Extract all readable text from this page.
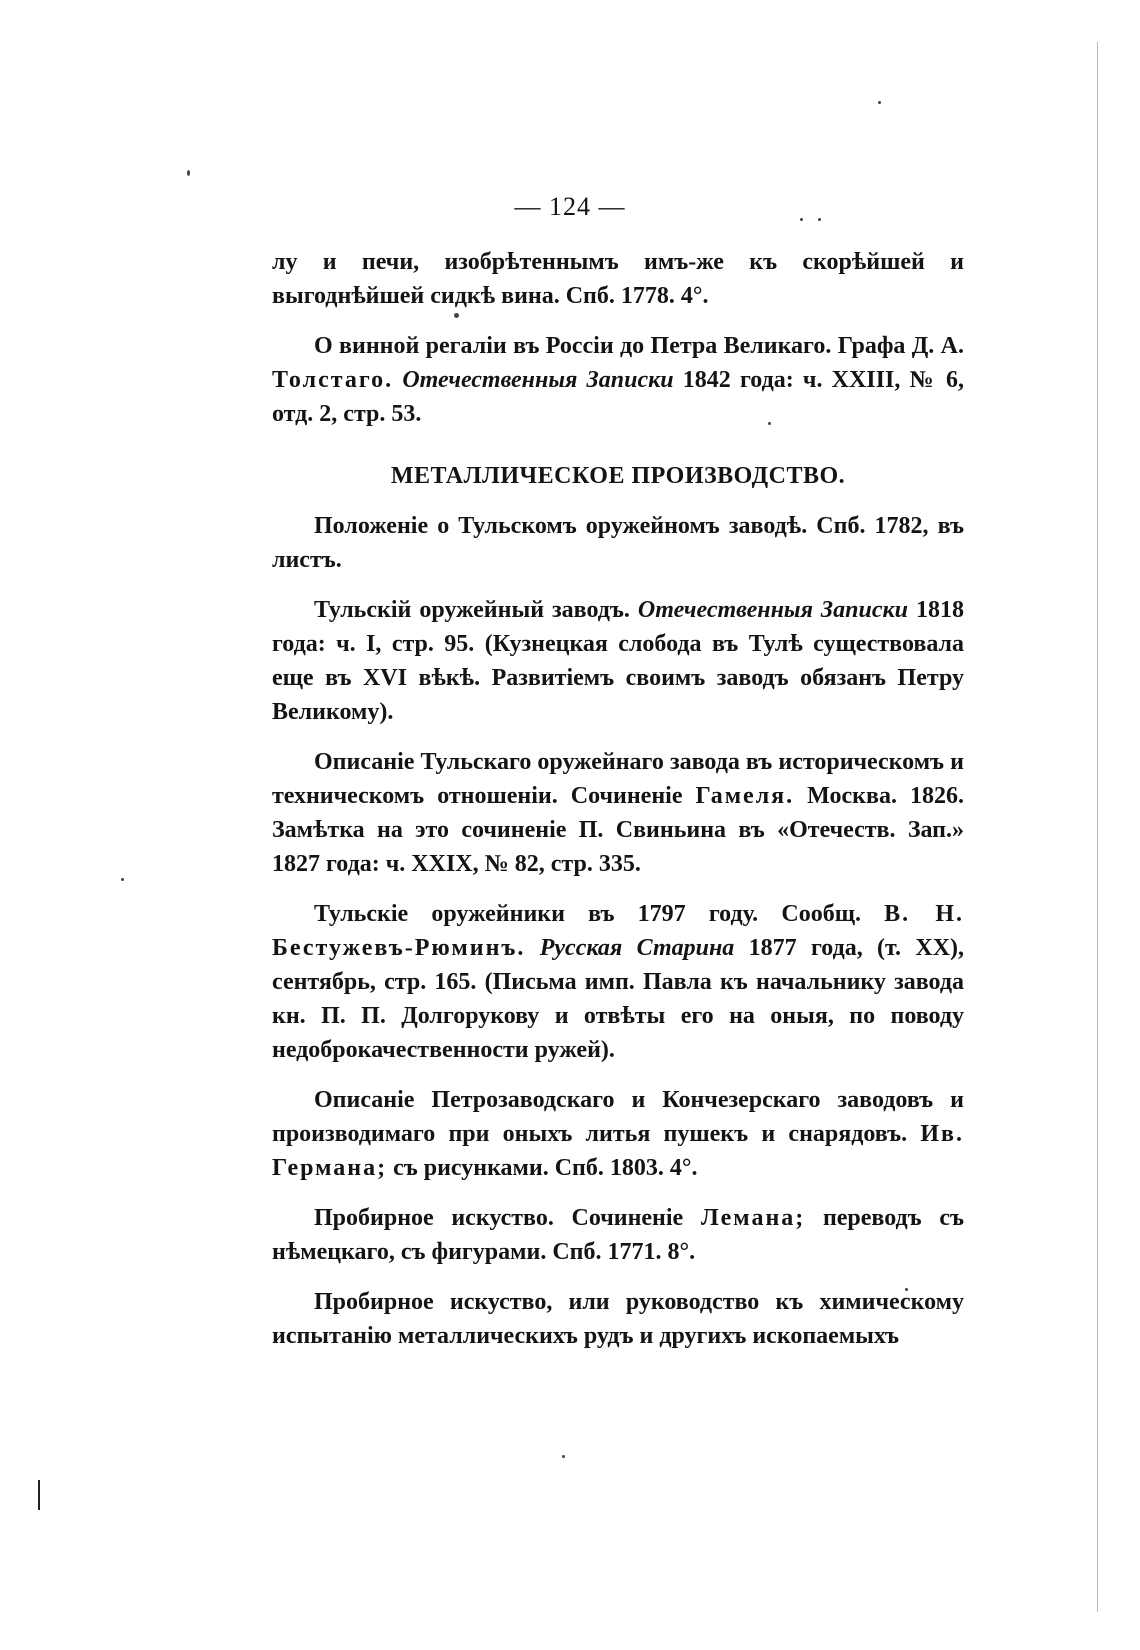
— 124 —

лу и печи, изобрѣтеннымъ имъ-же къ скорѣйшей и выгоднѣйшей сидкѣ вина. Спб. 1778. 4°.

О винной регаліи въ Россіи до Петра Великаго. Графа Д. А. Толстаго. Отечественныя Записки 1842 года: ч. XXIII, № 6, отд. 2, стр. 53.

МЕТАЛЛИЧЕСКОЕ ПРОИЗВОДСТВО.

Положеніе о Тульскомъ оружейномъ заводѣ. Спб. 1782, въ листъ.

Тульскій оружейный заводъ. Отечественныя Записки 1818 года: ч. I, стр. 95. (Кузнецкая слобода въ Тулѣ существовала еще въ XVI вѣкѣ. Развитіемъ своимъ заводъ обязанъ Петру Великому).

Описаніе Тульскаго оружейнаго завода въ историческомъ и техническомъ отношеніи. Сочиненіе Гамеля. Москва. 1826. Замѣтка на это сочиненіе П. Свиньина въ «Отечеств. Зап.» 1827 года: ч. XXIX, № 82, стр. 335.

Тульскіе оружейники въ 1797 году. Сообщ. В. Н. Бестужевъ-Рюминъ. Русская Старина 1877 года, (т. XX), сентябрь, стр. 165. (Письма имп. Павла къ начальнику завода кн. П. П. Долгорукову и отвѣты его на оныя, по поводу недоброкачественности ружей).

Описаніе Петрозаводскаго и Кончезерскаго заводовъ и производимаго при оныхъ литья пушекъ и снарядовъ. Ив. Германа; съ рисунками. Спб. 1803. 4°.

Пробирное искуство. Сочиненіе Лемана; переводъ съ нѣмецкаго, съ фигурами. Спб. 1771. 8°.

Пробирное искуство, или руководство къ химическому испытанію металлическихъ рудъ и другихъ ископаемыхъ
